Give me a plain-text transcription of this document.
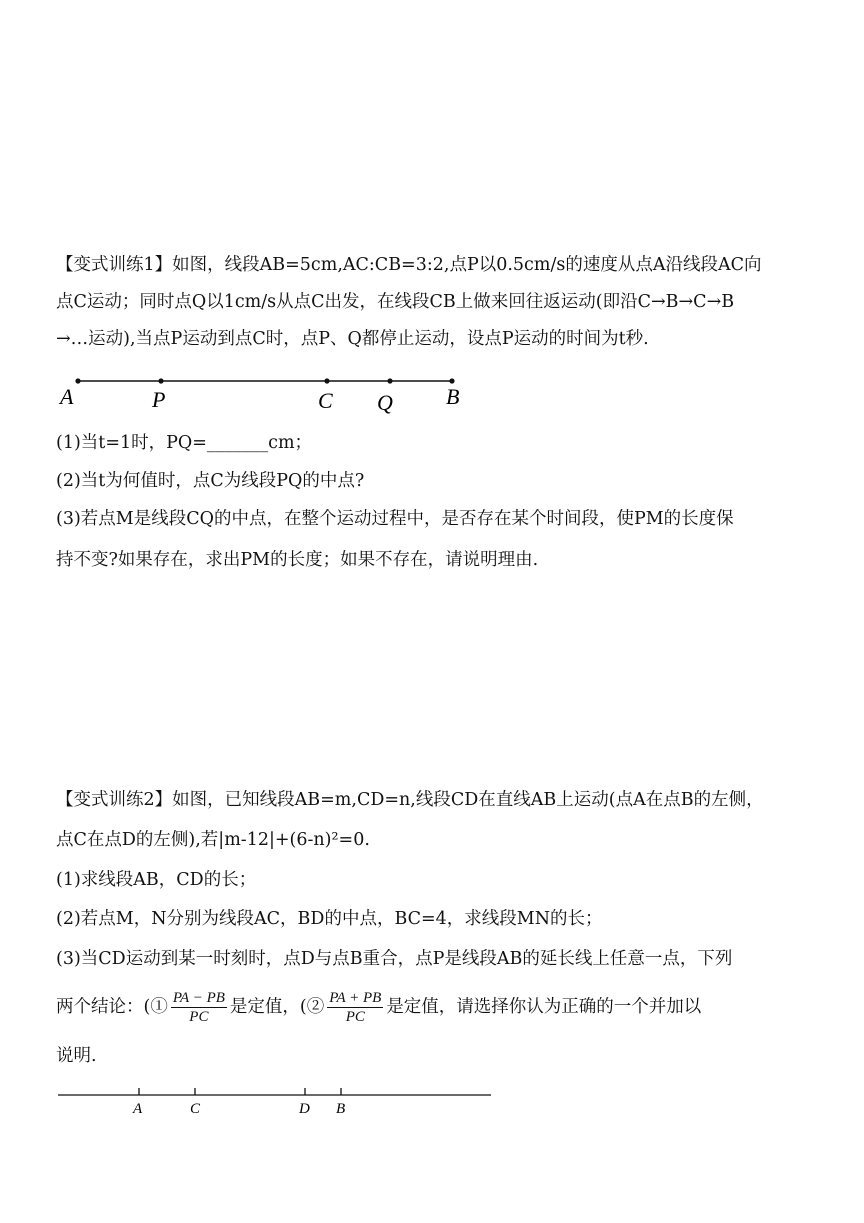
【变式训练1】如图，线段AB=5cm,AC:CB=3:2,点P以0.5cm/s的速度从点A沿线段AC向
点C运动；同时点Q以1cm/s从点C出发，在线段CB上做来回往返运动(即沿C→B→C→B
→…运动),当点P运动到点C时，点P、Q都停止运动，设点P运动的时间为t秒.
A	P	C Q B
(1)当t=1时，PQ=_______cm；
(2)当t为何值时，点C为线段PQ的中点?
(3)若点M是线段CQ的中点，在整个运动过程中，是否存在某个时间段，使PM的长度保
持不变?如果存在，求出PM的长度；如果不存在，请说明理由.
【变式训练2】如图，已知线段AB=m,CD=n,线段CD在直线AB上运动(点A在点B的左侧，
点C在点D的左侧),若|m-12|+(6-n)²=0.
(1)求线段AB，CD的长；
(2)若点M，N分别为线段AC，BD的中点，BC=4，求线段MN的长；
(3)当CD运动到某一时刻时，点D与点B重合，点P是线段AB的延长线上任意一点，下列
两个结论：(① $\frac{PA - PB}{PC}$ 是定值，(② $\frac{PA + PB}{PC}$ 是定值，请选择你认为正确的一个并加以
说明.
A	C	D B
